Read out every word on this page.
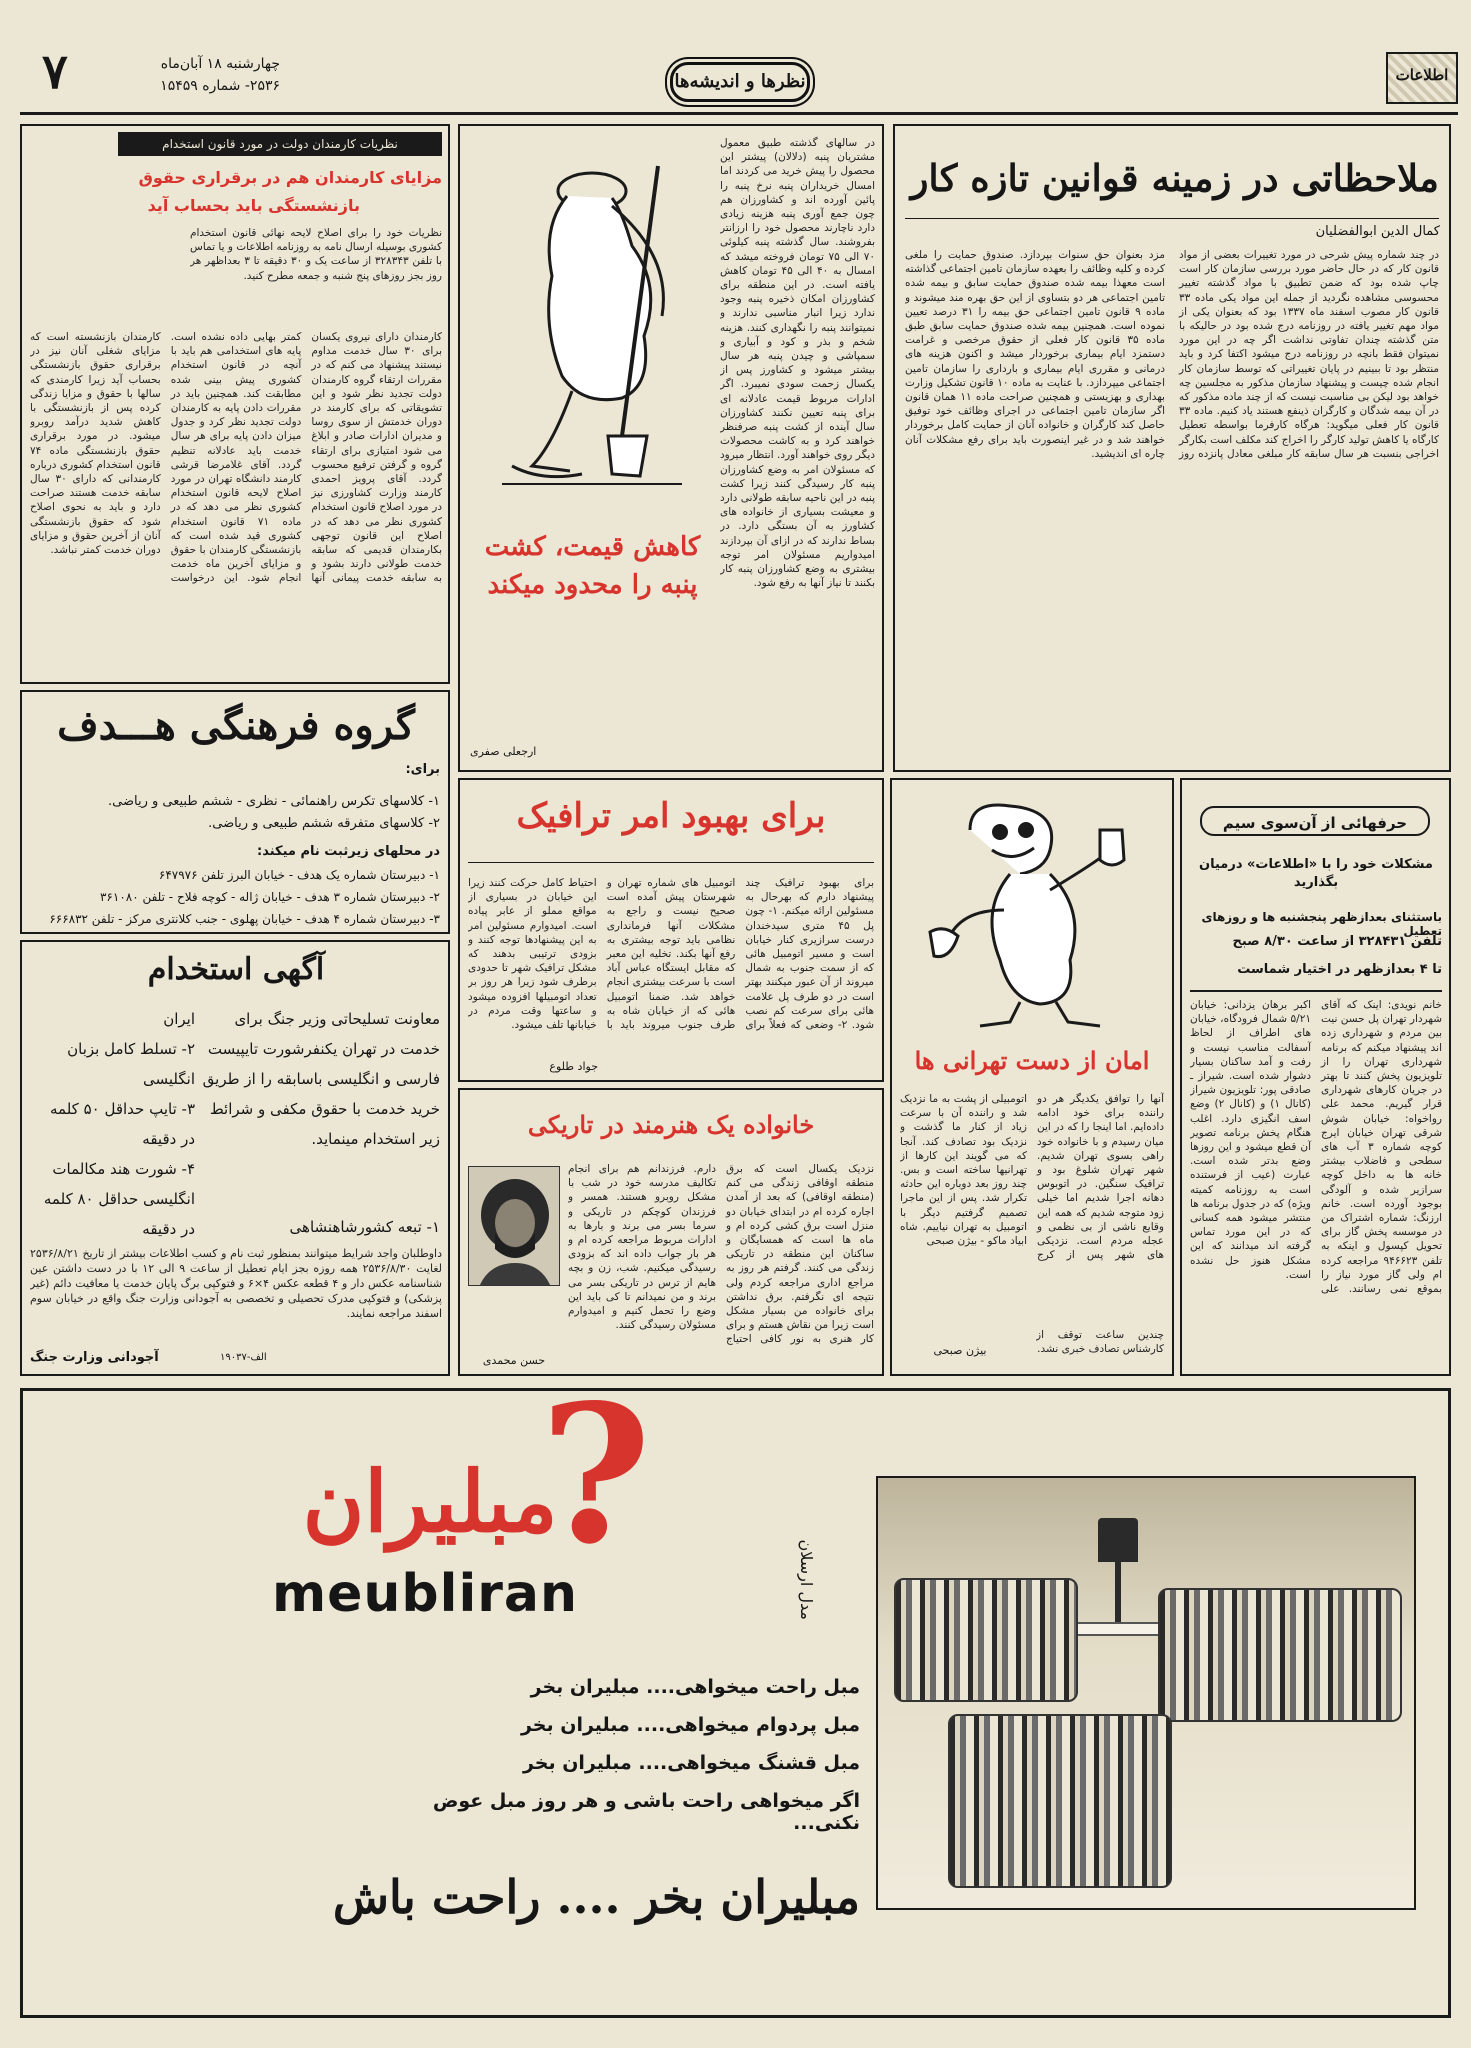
اطلاعات
نظرها و اندیشه‌ها
چهارشنبه ۱۸ آبان‌ماه
۲۵۳۶- شماره ۱۵۴۵۹
۷
ملاحظاتی در زمینه قوانین تازه کار
کمال الدین ابوالفضلیان
در چند شماره پیش شرحی در مورد تغییرات بعضی از مواد قانون کار که در حال حاضر مورد بررسی سازمان کار است چاپ شده بود که ضمن تطبیق با مواد گذشته تغییر محسوسی مشاهده نگردید از جمله این مواد یکی ماده ۳۳ قانون کار مصوب اسفند ماه ۱۳۳۷ بود که بعنوان یکی از مواد مهم تغییر یافته در روزنامه درج شده بود در حالیکه با متن گذشته چندان تفاوتی نداشت اگر چه در این مورد نمیتوان فقط بانچه در روزنامه درج میشود اکتفا کرد و باید منتظر بود تا ببینیم در پایان تغییراتی که توسط سازمان کار انجام شده چیست و پیشنهاد سازمان مذکور به مجلسین چه خواهد بود لیکن بی مناسبت نیست که از چند ماده مذکور که در آن بیمه شدگان و کارگران ذینفع هستند یاد کنیم. ماده ۳۳ قانون کار فعلی میگوید: هرگاه کارفرما بواسطه تعطیل کارگاه یا کاهش تولید کارگر را اخراج کند مکلف است بکارگر اخراجی بنسبت هر سال سابقه کار مبلغی معادل پانزده روز مزد بعنوان حق سنوات بپردازد. صندوق حمایت را ملغی کرده و کلیه وظائف را بعهده سازمان تامین اجتماعی گذاشته است معهذا بیمه شده صندوق حمایت سابق و بیمه شده تامین اجتماعی هر دو بتساوی از این حق بهره مند میشوند و ماده ۹ قانون تامین اجتماعی حق بیمه را ۳۱ درصد تعیین نموده است. همچنین بیمه شده صندوق حمایت سابق طبق ماده ۳۵ قانون کار فعلی از حقوق مرخصی و غرامت دستمزد ایام بیماری برخوردار میشد و اکنون هزینه های درمانی و مقرری ایام بیماری و بارداری را سازمان تامین اجتماعی میپردازد. با عنایت به ماده ۱۰ قانون تشکیل وزارت بهداری و بهزیستی و همچنین صراحت ماده ۱۱ همان قانون اگر سازمان تامین اجتماعی در اجرای وظائف خود توفیق حاصل کند کارگران و خانواده آنان از حمایت کامل برخوردار خواهند شد و در غیر اینصورت باید برای رفع مشکلات آنان چاره ای اندیشید.
در سالهای گذشته طبیق معمول مشتریان پنبه (دلالان) پیشتر این محصول را پیش خرید می کردند اما امسال خریداران پنبه نرخ پنبه را پائین آورده اند و کشاورزان هم چون جمع آوری پنبه هزینه زیادی دارد ناچارند محصول خود را ارزانتر بفروشند. سال گذشته پنبه کیلوئی ۷۰ الی ۷۵ تومان فروخته میشد که امسال به ۴۰ الی ۴۵ تومان کاهش یافته است. در این منطقه برای کشاورزان امکان ذخیره پنبه وجود ندارد زیرا انبار مناسبی ندارند و نمیتوانند پنبه را نگهداری کنند. هزینه شخم و بذر و کود و آبیاری و سمپاشی و چیدن پنبه هر سال بیشتر میشود و کشاورز پس از یکسال زحمت سودی نمیبرد. اگر ادارات مربوط قیمت عادلانه ای برای پنبه تعیین نکنند کشاورزان سال آینده از کشت پنبه صرفنظر خواهند کرد و به کاشت محصولات دیگر روی خواهند آورد. انتظار میرود که مسئولان امر به وضع کشاورزان پنبه کار رسیدگی کنند زیرا کشت پنبه در این ناحیه سابقه طولانی دارد و معیشت بسیاری از خانواده های کشاورز به آن بستگی دارد. در بساط ندارند که در ازای آن بپردازند امیدواریم مسئولان امر توجه بیشتری به وضع کشاورزان پنبه کار بکنند تا نیاز آنها به رفع شود.
کاهش قیمت، کشت
پنبه را محدود میکند
ارجعلی صفری
نظریات کارمندان دولت در مورد قانون استخدام
مزایای کارمندان هم در برقراری حقوق
بازنشستگی باید بحساب آید
نظریات خود را برای اصلاح لایحه نهائی قانون استخدام کشوری بوسیله ارسال نامه به روزنامه اطلاعات و یا تماس با تلفن ۳۲۸۳۴۳ از ساعت یک و ۳۰ دقیقه تا ۳ بعداظهر هر روز بجز روزهای پنج شنبه و جمعه مطرح کنید.
کارمندان دارای نیروی یکسان برای ۳۰ سال خدمت مداوم نیستند پیشنهاد می کنم که در مقررات ارتقاء گروه کارمندان دولت تجدید نظر شود و این تشویقاتی که برای کارمند در دوران خدمتش از سوی روسا و مدیران ادارات صادر و ابلاغ می شود امتیازی برای ارتقاء گروه و گرفتن ترفیع محسوب گردد. آقای پرویز احمدی کارمند وزارت کشاورزی نیز در مورد اصلاح قانون استخدام کشوری نظر می دهد که در اصلاح این قانون توجهی بکارمندان قدیمی که سابقه خدمت طولانی دارند بشود و به سابقه خدمت پیمانی آنها کمتر بهایی داده نشده است. پایه های استخدامی هم باید با آنچه در قانون استخدام کشوری پیش بینی شده مطابقت کند. همچنین باید در مقررات دادن پایه به کارمندان دولت تجدید نظر کرد و جدول میزان دادن پایه برای هر سال خدمت باید عادلانه تنظیم گردد. آقای غلامرضا قرشی کارمند دانشگاه تهران در مورد اصلاح لایحه قانون استخدام کشوری نظر می دهد که در ماده ۷۱ قانون استخدام کشوری قید شده است که بازنشستگی کارمندان با حقوق و مزایای آخرین ماه خدمت انجام شود. این درخواست کارمندان بازنشسته است که مزایای شغلی آنان نیز در برقراری حقوق بازنشستگی بحساب آید زیرا کارمندی که سالها با حقوق و مزایا زندگی کرده پس از بازنشستگی با کاهش شدید درآمد روبرو میشود. در مورد برقراری حقوق بازنشستگی ماده ۷۴ قانون استخدام کشوری درباره کارمندانی که دارای ۳۰ سال سابقه خدمت هستند صراحت دارد و باید به نحوی اصلاح شود که حقوق بازنشستگی آنان از آخرین حقوق و مزایای دوران خدمت کمتر نباشد.
گروه فرهنگی هـــدف
برای:
۱- کلاسهای تکرس راهنمائی - نظری - ششم طبیعی و ریاضی.
۲- کلاسهای متفرقه ششم طبیعی و ریاضی.
در محلهای زیرثبت نام میکند:
۱- دبیرستان شماره یک هدف - خیابان البرز تلفن ۶۴۷۹۷۶
۲- دبیرستان شماره ۳ هدف - خیابان ژاله - کوچه فلاح - تلفن ۳۶۱۰۸۰
۳- دبیرستان شماره ۴ هدف - خیابان پهلوی - جنب کلانتری مرکز - تلفن ۶۶۶۸۳۲
آگهی استخدام
معاونت تسلیحاتی وزیر جنگ برای خدمت در تهران یکنفرشورت تایپیست فارسی و انگلیسی باسابقه را از طریق خرید خدمت با حقوق مکفی و شرائط زیر استخدام مینماید.
ایران
۲- تسلط کامل بزبان انگلیسی
۳- تایپ حداقل ۵۰ کلمه
در دقیقه
۴- شورت هند مکالمات
انگلیسی حداقل ۸۰ کلمه
در دقیقه	۱- تبعه کشورشاهنشاهی
داوطلبان واجد شرایط میتوانند بمنظور ثبت نام و کسب اطلاعات بیشتر از تاریخ ۲۵۳۶/۸/۲۱ لغایت ۲۵۳۶/۸/۳۰ همه روزه بجز ایام تعطیل از ساعت ۹ الی ۱۲ با در دست داشتن عین شناسنامه عکس دار و ۴ قطعه عکس ۴×۶ و فتوکپی برگ پایان خدمت یا معافیت دائم (غیر پزشکی) و فتوکپی مدرک تحصیلی و تخصصی به آجودانی وزارت جنگ واقع در خیابان سوم اسفند مراجعه نمایند.
آجودانی وزارت جنگ	الف-۱۹۰۳۷
برای بهبود امر ترافیک
برای بهبود ترافیک چند پیشنهاد دارم که بهرحال به مسئولین ارائه میکنم. ۱- چون پل ۴۵ متری سیدخندان درست سرازیری کنار خیابان است و مسیر اتومبیل هائی که از سمت جنوب به شمال میروند از آن عبور میکنند بهتر است در دو طرف پل علامت هائی برای سرعت کم نصب شود. ۲- وضعی که فعلاً برای اتومبیل های شماره تهران و شهرستان پیش آمده است صحیح نیست و راجع به مشکلات آنها فرمانداری نظامی باید توجه بیشتری به رفع آنها بکند. تخلیه این معبر که مقابل ایستگاه عباس آباد است با سرعت بیشتری انجام خواهد شد. ضمنا اتومبیل هائی که از خیابان شاه به طرف جنوب میروند باید با احتیاط کامل حرکت کنند زیرا این خیابان در بسیاری از مواقع مملو از عابر پیاده است. امیدوارم مسئولین امر به این پیشنهادها توجه کنند و بزودی ترتیبی بدهند که مشکل ترافیک شهر تا حدودی برطرف شود زیرا هر روز بر تعداد اتومبیلها افزوده میشود و ساعتها وقت مردم در خیابانها تلف میشود.
جواد طلوع
خانواده یک هنرمند در تاریکی
نزدیک یکسال است که برق منطقه اوقافی زندگی می کنم (منطقه اوقافی) که بعد از آمدن اجاره کرده ام در ابتدای خیابان دو منزل است برق کشی کرده ام و ماه ها است که همسایگان و ساکنان این منطقه در تاریکی زندگی می کنند. گرفتم هر روز به مراجع اداری مراجعه کردم ولی نتیجه ای نگرفتم. برق نداشتن برای خانواده من بسیار مشکل است زیرا من نقاش هستم و برای کار هنری به نور کافی احتیاج دارم. فرزندانم هم برای انجام تکالیف مدرسه خود در شب با مشکل روبرو هستند. همسر و فرزندان کوچکم در تاریکی و سرما بسر می برند و بارها به ادارات مربوط مراجعه کرده ام و هر بار جواب داده اند که بزودی رسیدگی میکنیم. شب، زن و بچه هایم از ترس در تاریکی بسر می برند و من نمیدانم تا کی باید این وضع را تحمل کنیم و امیدوارم مسئولان رسیدگی کنند.
حسن محمدی
امان از دست تهرانی ها
آنها را توافق یکدیگر هر دو راننده برای خود ادامه داده‌ایم. اما اینجا را که در این میان رسیدم و با خانواده خود راهی بسوی تهران شدیم. شهر تهران شلوغ بود و ترافیک سنگین. در اتوبوس دهانه اجرا شدیم اما خیلی زود متوجه شدیم که همه این وقایع ناشی از بی نظمی و عجله مردم است. نزدیکی های شهر پس از کرج اتومبیلی از پشت به ما نزدیک شد و راننده آن با سرعت زیاد از کنار ما گذشت و نزدیک بود تصادف کند. آنجا که می گویند این کارها از تهرانیها ساخته است و بس. چند روز بعد دوباره این حادثه تکرار شد. پس از این ماجرا تصمیم گرفتیم دیگر با اتومبیل به تهران نیاییم. شاه ابیاد ماکو - بیژن صبحی
چندین ساعت توقف از کارشناس تصادف خبری نشد.
بیژن صبحی
حرفهائی از آن‌سوی سیم
مشکلات خود را با «اطلاعات» درمیان بگذارید
باستثنای بعدازظهر پنجشنبه ها و روزهای تعطیل
تلفن ۳۲۸۴۳۱ از ساعت ۸/۳۰ صبح
تا ۴ بعدازظهر در اختیار شماست
خانم نویدی: اینک که آقای شهردار تهران پل حسن نیت بین مردم و شهرداری زده اند پیشنهاد میکنم که برنامه شهرداری تهران را از تلویزیون پخش کنند تا بهتر در جریان کارهای شهرداری قرار گیریم. محمد علی رواخواه: خیابان شوش شرقی تهران خیابان ایرج کوچه شماره ۳ آب های سطحی و فاضلاب بیشتر خانه ها به داخل کوچه سرازیر شده و آلودگی بوجود آورده است. خانم ارزنگ: شماره اشتراک من در موسسه پخش گاز برای تحویل کپسول و اینکه به تلفن ۹۴۶۶۲۳ مراجعه کرده ام ولی گاز مورد نیاز را بموقع نمی رسانند. علی اکبر برهان یزدانی: خیابان ۵/۲۱ شمال فرودگاه، خیابان های اطراف از لحاظ آسفالت مناسب نیست و رفت و آمد ساکنان بسیار دشوار شده است. شیراز ـ صادقی پور: تلویزیون شیراز (کانال ۱) و (کانال ۲) وضع اسف انگیزی دارد. اغلب هنگام پخش برنامه تصویر آن قطع میشود و این روزها وضع بدتر شده است. عبارت (عیب از فرستنده است به روزنامه کمیته ویژه) که در جدول برنامه ها منتشر میشود همه کسانی که در این مورد تماس گرفته اند میدانند که این مشکل هنوز حل نشده است.
?
مبلیران
meubliran	مدل ارسلان
مبل راحت میخواهی.... مبلیران بخر
مبل پردوام میخواهی.... مبلیران بخر
مبل قشنگ میخواهی.... مبلیران بخر
اگر میخواهی راحت باشی و هر روز مبل عوض نکنی...
مبلیران بخر .... راحت باش
